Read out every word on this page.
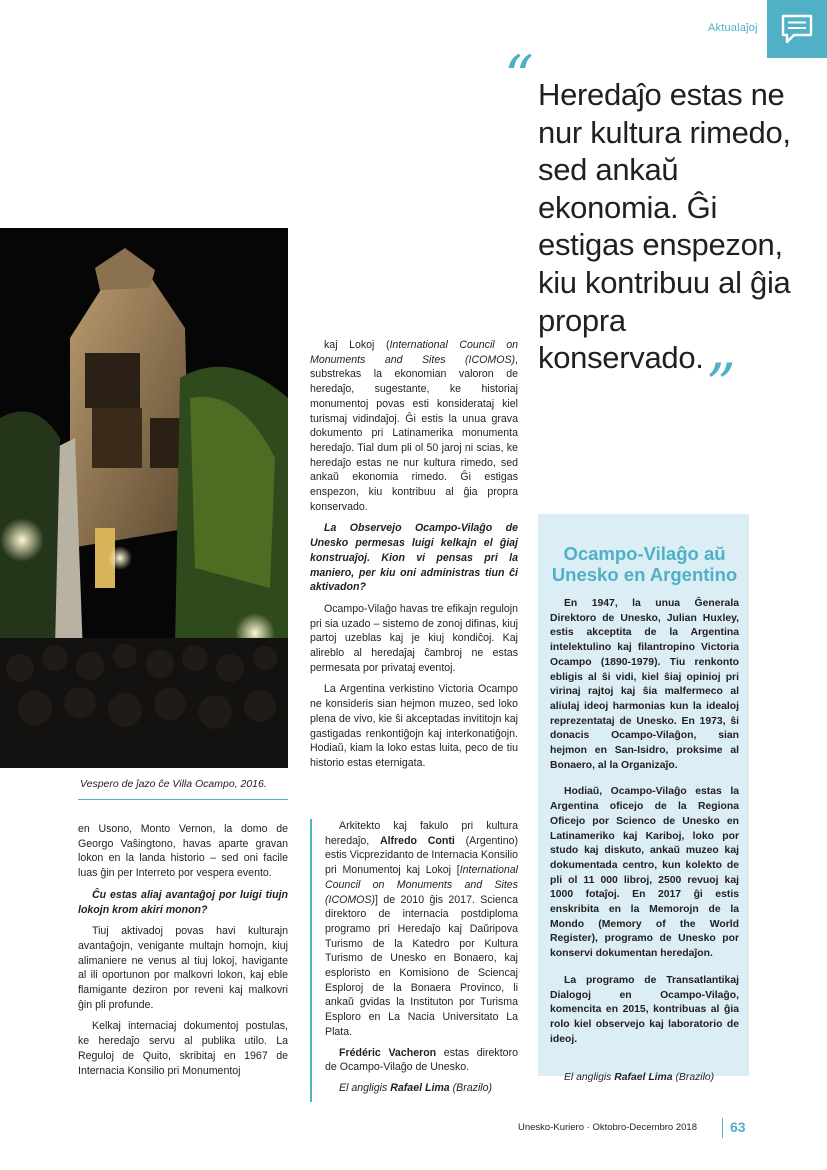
Aktualaĵoj
“ Heredaĵo estas ne nur kultura rimedo, sed ankaŭ ekonomia. Ĝi estigas enspezon, kiu kontribuu al ĝia propra konservado. ”
Vespero de ĵazo ĉe Villa Ocampo, 2016.

en Usono, Monto Vernon, la domo de Georgo Vaŝingtono, havas aparte gravan lokon en la landa historio – sed oni facile luas ĝin per Interreto por vespera evento.

Ĉu estas aliaj avantaĝoj por luigi tiujn lokojn krom akiri monon?

Tiuj aktivadoj povas havi kulturajn avantaĝojn, venigante multajn homojn, kiuj alimaniere ne venus al tiuj lokoj, havigante al ili oportunon por malkovri lokon, kaj eble flamigante deziron por reveni kaj malkovri ĝin pli profunde.

Kelkaj internaciaj dokumentoj postulas, ke heredaĵo servu al publika utilo. La Reguloj de Quito, skribitaj en 1967 de Internacia Konsilio pri Monumentoj

kaj Lokoj (International Council on Monuments and Sites (ICOMOS), substrekas la ekonomian valoron de heredaĵo, sugestante, ke historiaj monumentoj povas esti konsiderataj kiel turismaj vidindaĵoj. Ĝi estis la unua grava dokumento pri Latinamerika monumenta heredaĵo. Tial dum pli ol 50 jaroj ni scias, ke heredaĵo estas ne nur kultura rimedo, sed ankaŭ ekonomia rimedo. Ĝi estigas enspezon, kiu kontribuu al ĝia propra konservado.

La Observejo Ocampo-Vilaĝo de Unesko permesas luigi kelkajn el ĝiaj konstruaĵoj. Kion vi pensas pri la maniero, per kiu oni administras tiun ĉi aktivadon?

Ocampo-Vilaĝo havas tre efikajn regulojn pri sia uzado – sistemo de zonoj difinas, kiuj partoj uzeblas kaj je kiuj kondiĉoj. Kaj alireblo al heredaĵaj ĉambroj ne estas permesata por privataj eventoj.

La Argentina verkistino Victoria Ocampo ne konsideris sian hejmon muzeo, sed loko plena de vivo, kie ŝi akceptadas invititojn kaj gastigadas renkontiĝojn kaj interkonatiĝojn. Hodiaŭ, kiam la loko estas luita, peco de tiu historio estas eternigata.

Arkitekto kaj fakulo pri kultura heredaĵo, Alfredo Conti (Argentino) estis Vicprezidanto de Internacia Konsilio pri Monumentoj kaj Lokoj [International Council on Monuments and Sites (ICOMOS)] de 2010 ĝis 2017. Scienca direktoro de internacia postdiploma programo pri Heredaĵo kaj Daŭripova Turismo de la Katedro por Kultura Turismo de Unesko en Bonaero, kaj esploristo en Komisiono de Sciencaj Esploroj de la Bonaera Provinco, li ankaŭ gvidas la Instituton por Turisma Esploro en La Nacia Universitato La Plata.

Frédéric Vacheron estas direktoro de Ocampo-Vilaĝo de Unesko.

El angligis Rafael Lima (Brazilo)

Ocampo-Vilaĝo aŭ Unesko en Argentino

En 1947, la unua Ĝenerala Direktoro de Unesko, Julian Huxley, estis akceptita de la Argentina intelektulino kaj filantropino Victoria Ocampo (1890-1979). Tiu renkonto ebligis al ŝi vidi, kiel ŝiaj opinioj pri virinaj rajtoj kaj ŝia malfermeco al aliulaj ideoj harmonias kun la idealoj reprezentataj de Unesko. En 1973, ŝi donacis Ocampo-Vilaĝon, sian hejmon en San-Isidro, proksime al Bonaero, al la Organizaĵo.

Hodiaŭ, Ocampo-Vilaĝo estas la Argentina oficejo de la Regiona Oficejo por Scienco de Unesko en Latinameriko kaj Kariboj, loko por studo kaj diskuto, ankaŭ muzeo kaj dokumentada centro, kun kolekto de pli ol 11 000 libroj, 2500 revuoj kaj 1000 fotaĵoj. En 2017 ĝi estis enskribita en la Memorojn de la Mondo (Memory of the World Register), programo de Unesko por konservi dokumentan heredaĵon.

La programo de Transatlantikaj Dialogoj en Ocampo-Vilaĝo, komencita en 2015, kontribuas al ĝia rolo kiel observejo kaj laboratorio de ideoj.

El angligis Rafael Lima (Brazilo)

Unesko-Kuriero · Oktobro-Decembro 2018 63
